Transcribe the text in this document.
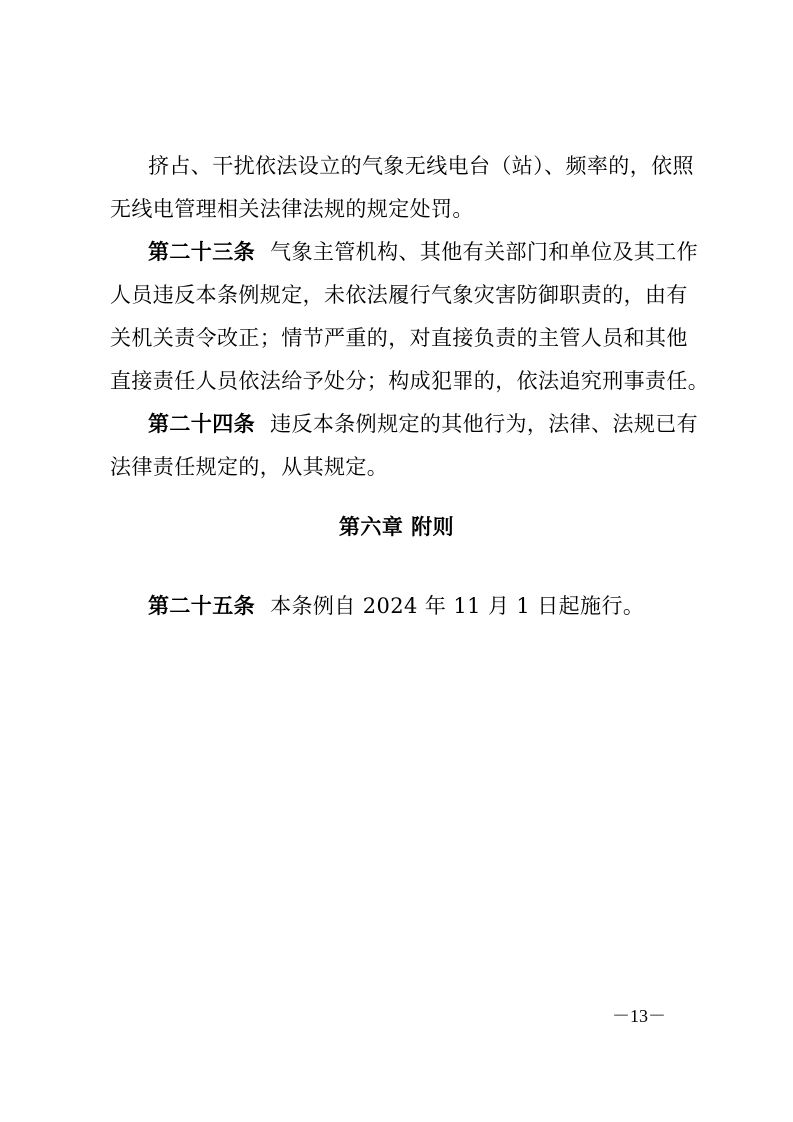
挤占、干扰依法设立的气象无线电台（站）、频率的，依照
无线电管理相关法律法规的规定处罚。
第二十三条 气象主管机构、其他有关部门和单位及其工作
人员违反本条例规定，未依法履行气象灾害防御职责的，由有
关机关责令改正；情节严重的，对直接负责的主管人员和其他
直接责任人员依法给予处分；构成犯罪的，依法追究刑事责任。
第二十四条 违反本条例规定的其他行为，法律、法规已有
法律责任规定的，从其规定。
第六章 附则
第二十五条 本条例自 2024 年 11 月 1 日起施行。
－13－
